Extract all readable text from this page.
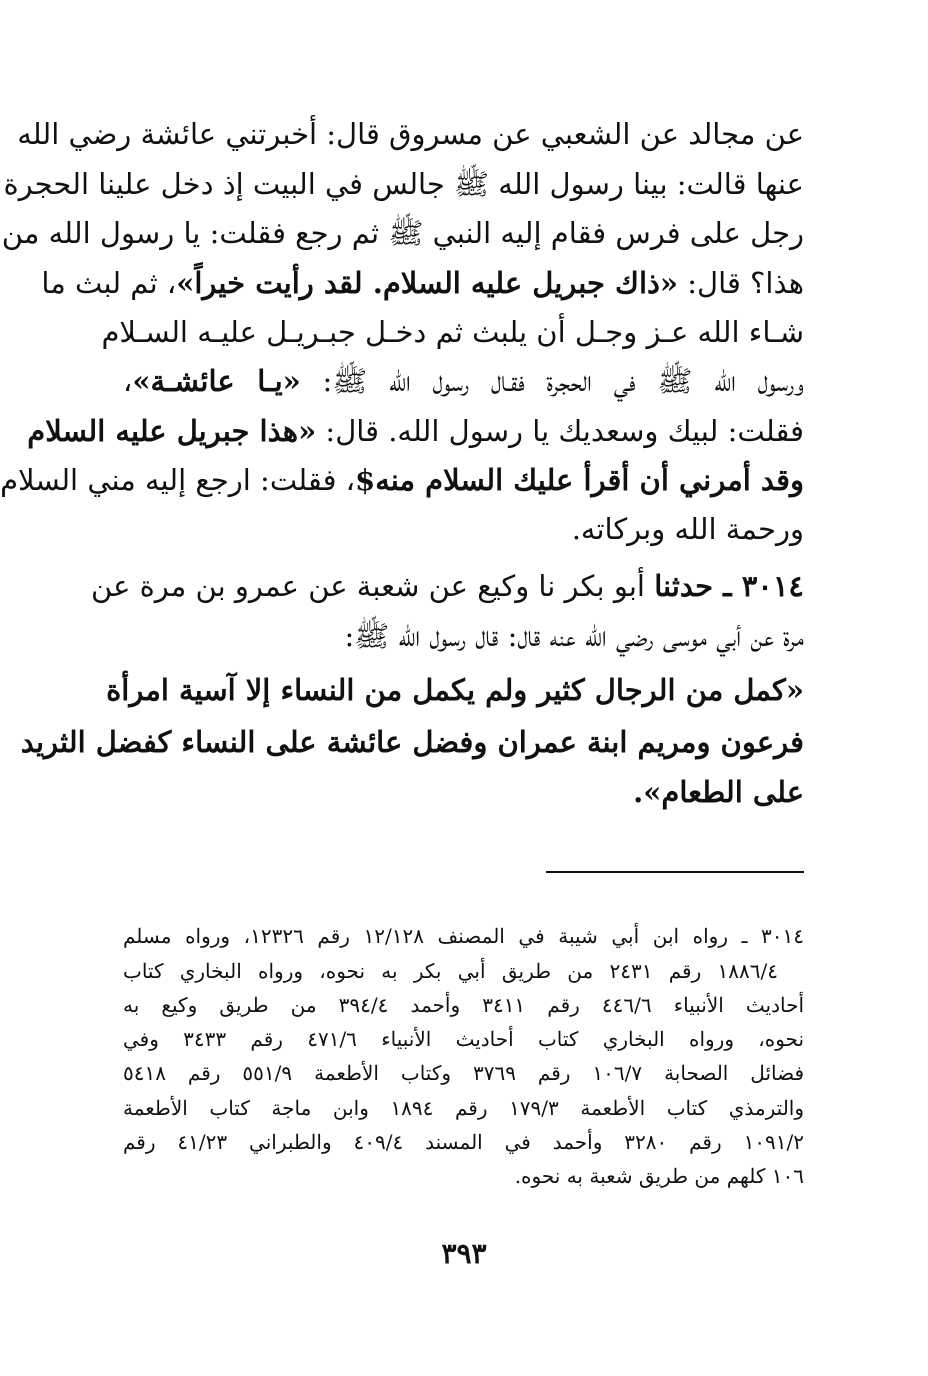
عن مجالد عن الشعبي عن مسروق قال: أخبرتني عائشة رضي الله
عنها قالت: بينا رسول الله ﷺ جالس في البيت إذ دخل علينا الحجرة
رجل على فرس فقام إليه النبي ﷺ ثم رجع فقلت: يا رسول الله من
هذا؟ قال: «ذاك جبريل عليه السلام. لقد رأيت خيراً»، ثم لبث ما
شـاء الله عـز وجـل أن يلبث ثم دخـل جبـريـل عليـه السـلام
ورسول الله ﷺ في الحجرة فقـال رسول الله ﷺ: «يـا عائشـة»،
فقلت: لبيك وسعديك يا رسول الله. قال: «هذا جبريل عليه السلام
وقد أمرني أن أقرأ عليك السلام منه$، فقلت: ارجع إليه مني السلام
ورحمة الله وبركاته.
٣٠١٤ ـ حدثنا أبو بكر نا وكيع عن شعبة عن عمرو بن مرة عن
مرة عن أبي موسى رضي الله عنه قال: قال رسول الله ﷺ:
«كمل من الرجال كثير ولم يكمل من النساء إلا آسية امرأة
فرعون ومريم ابنة عمران وفضل عائشة على النساء كفضل الثريد
على الطعام».
٣٠١٤ ـ رواه ابن أبي شيبة في المصنف ١٢/١٢٨ رقم ١٢٣٢٦، ورواه مسلم
١٨٨٦/٤ رقم ٢٤٣١ من طريق أبي بكر به نحوه، ورواه البخاري كتاب
أحاديث الأنبياء ٤٤٦/٦ رقم ٣٤١١ وأحمد ٣٩٤/٤ من طريق وكيع به
نحوه، ورواه البخاري كتاب أحاديث الأنبياء ٤٧١/٦ رقم ٣٤٣٣ وفي
فضائل الصحابة ١٠٦/٧ رقم ٣٧٦٩ وكتاب الأطعمة ٥٥١/٩ رقم ٥٤١٨
والترمذي كتاب الأطعمة ١٧٩/٣ رقم ١٨٩٤ وابن ماجة كتاب الأطعمة
١٠٩١/٢ رقم ٣٢٨٠ وأحمد في المسند ٤٠٩/٤ والطبراني ٤١/٢٣ رقم
١٠٦ كلهم من طريق شعبة به نحوه.
٣٩٣
